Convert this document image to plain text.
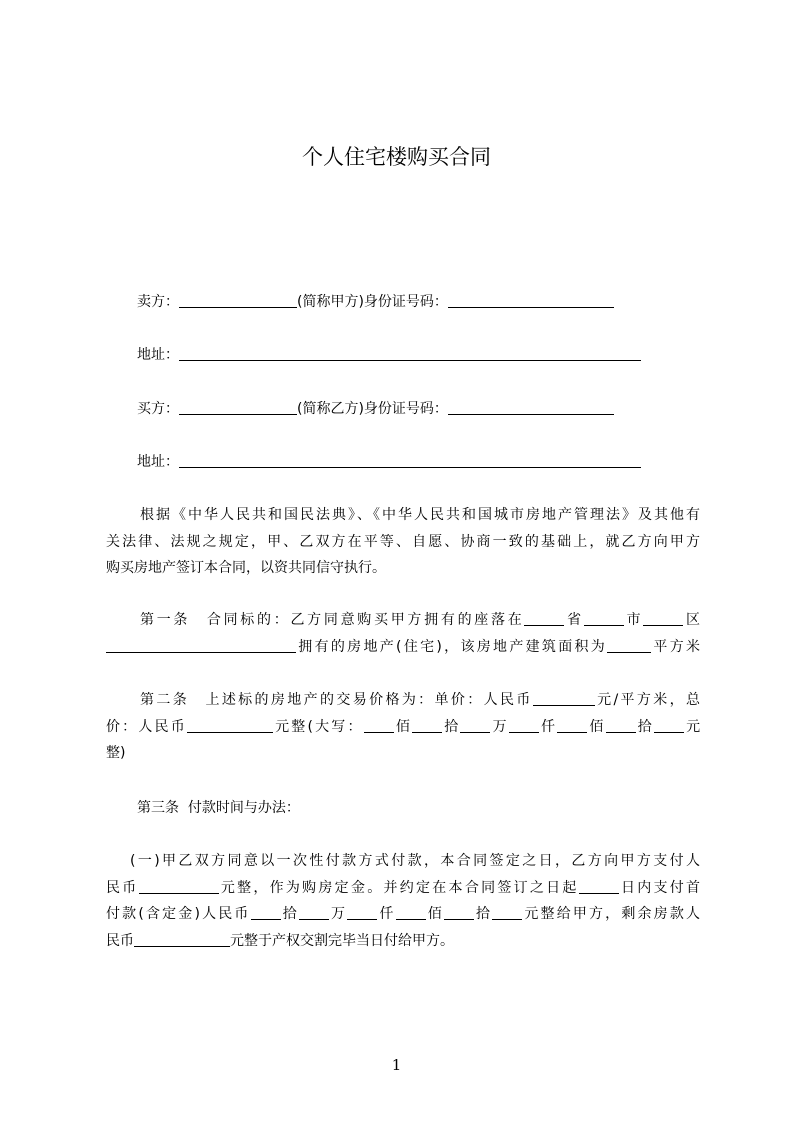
个人住宅楼购买合同
卖方：	(简称甲方)身份证号码：
地址：
买方：	(简称乙方)身份证号码：
地址：
根据《中华人民共和国民法典》、《中华人民共和国城市房地产管理法》及其他有
关法律、法规之规定，甲、乙双方在平等、自愿、协商一致的基础上，就乙方向甲方
购买房地产签订本合同，以资共同信守执行。
第一条　合同标的：乙方同意购买甲方拥有的座落在	省	市	区
拥有的房地产(住宅)，该房地产建筑面积为	平方米
第二条　上述标的房地产的交易价格为：单价：人民币	元/平方米，总
价：人民币	元整(大写： 佰 拾 万 仟 佰 拾 元
整)
第三条  付款时间与办法：
(一)甲乙双方同意以一次性付款方式付款，本合同签定之日，乙方向甲方支付人
民币	元整，作为购房定金。并约定在本合同签订之日起	日内支付首
付款(含定金)人民币 拾 万 仟 佰 拾 元整给甲方，剩余房款人
民币	元整于产权交割完毕当日付给甲方。
1
